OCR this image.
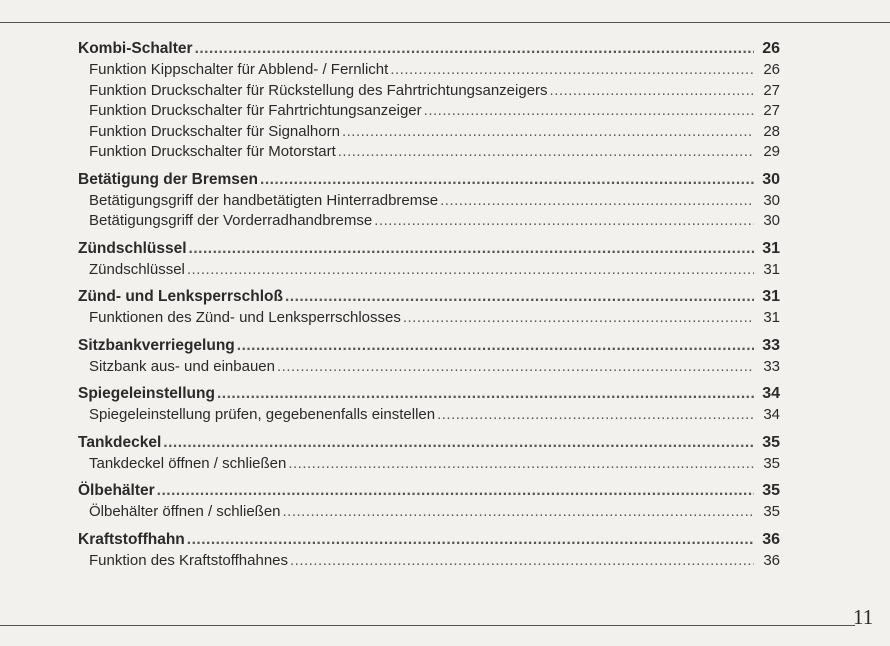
Kombi-Schalter .....	26
Funktion Kippschalter für Abblend- / Fernlicht .....	26
Funktion Druckschalter für Rückstellung des Fahrtrichtungsanzeigers .....	27
Funktion Druckschalter für Fahrtrichtungsanzeiger .....	27
Funktion Druckschalter für Signalhorn .....	28
Funktion Druckschalter für Motorstart .....	29
Betätigung der Bremsen .....	30
Betätigungsgriff der handbetätigten Hinterradbremse .....	30
Betätigungsgriff der Vorderradhandbremse .....	30
Zündschlüssel .....	31
Zündschlüssel .....	31
Zünd- und Lenksperrschloß .....	31
Funktionen des Zünd- und Lenksperrschlosses .....	31
Sitzbankverriegelung .....	33
Sitzbank aus- und einbauen .....	33
Spiegeleinstellung .....	34
Spiegeleinstellung prüfen, gegebenenfalls einstellen .....	34
Tankdeckel .....	35
Tankdeckel öffnen / schließen .....	35
Ölbehälter .....	35
Ölbehälter öffnen / schließen .....	35
Kraftstoffhahn .....	36
Funktion des Kraftstoffhahnes .....	36
11
